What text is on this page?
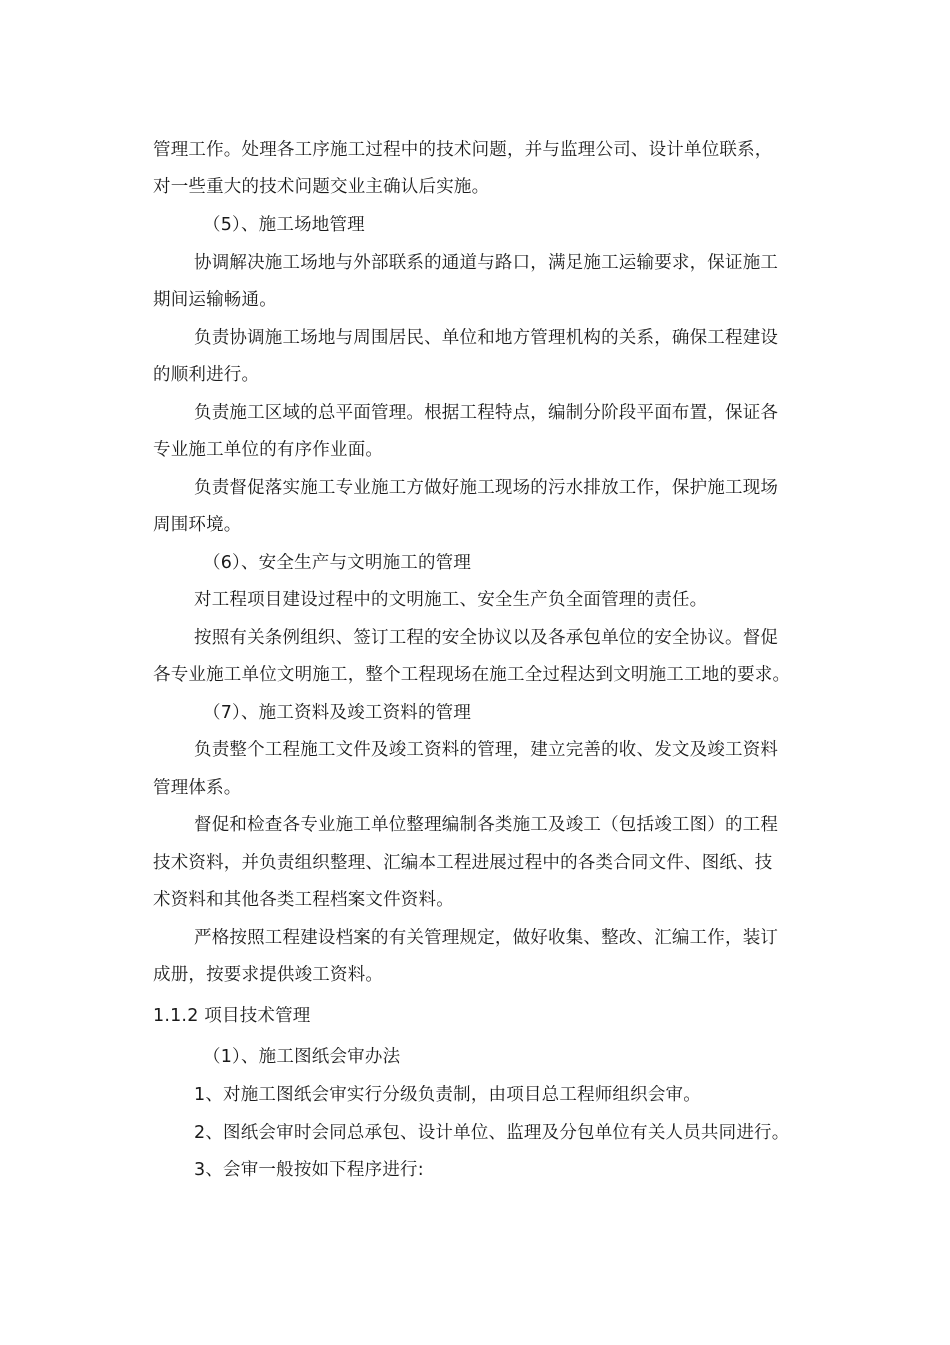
管理工作。处理各工序施工过程中的技术问题，并与监理公司、设计单位联系，
对一些重大的技术问题交业主确认后实施。
（5）、施工场地管理
协调解决施工场地与外部联系的通道与路口，满足施工运输要求，保证施工
期间运输畅通。
负责协调施工场地与周围居民、单位和地方管理机构的关系，确保工程建设
的顺利进行。
负责施工区域的总平面管理。根据工程特点，编制分阶段平面布置，保证各
专业施工单位的有序作业面。
负责督促落实施工专业施工方做好施工现场的污水排放工作，保护施工现场
周围环境。
（6）、安全生产与文明施工的管理
对工程项目建设过程中的文明施工、安全生产负全面管理的责任。
按照有关条例组织、签订工程的安全协议以及各承包单位的安全协议。督促
各专业施工单位文明施工，整个工程现场在施工全过程达到文明施工工地的要求。
（7）、施工资料及竣工资料的管理
负责整个工程施工文件及竣工资料的管理，建立完善的收、发文及竣工资料
管理体系。
督促和检查各专业施工单位整理编制各类施工及竣工（包括竣工图）的工程
技术资料，并负责组织整理、汇编本工程进展过程中的各类合同文件、图纸、技
术资料和其他各类工程档案文件资料。
严格按照工程建设档案的有关管理规定，做好收集、整改、汇编工作，装订
成册，按要求提供竣工资料。
1.1.2 项目技术管理
（1）、施工图纸会审办法
1、对施工图纸会审实行分级负责制，由项目总工程师组织会审。
2、图纸会审时会同总承包、设计单位、监理及分包单位有关人员共同进行。
3、会审一般按如下程序进行:
